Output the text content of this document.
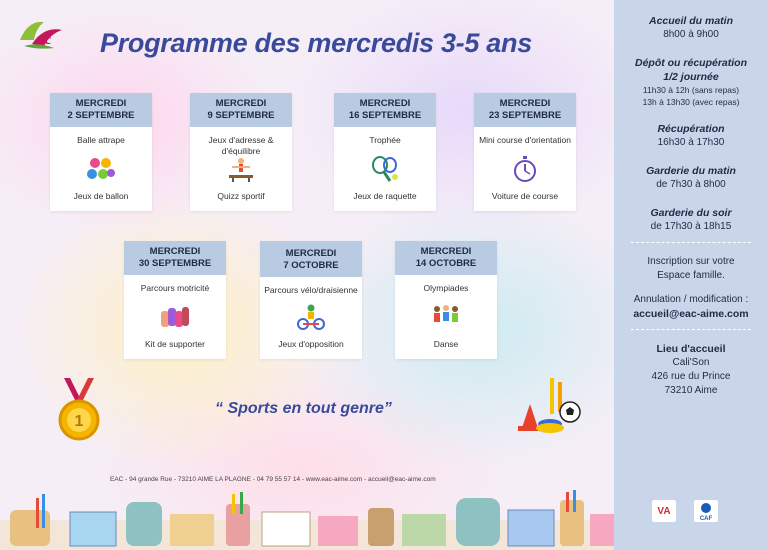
ac Programme des mercredis 3-5 ans
MERCREDI
2 SEPTEMBRE
Balle attrape
Jeux de ballon
MERCREDI
9 SEPTEMBRE
Jeux d'adresse & d'équilibre
Quizz sportif
MERCREDI
16 SEPTEMBRE
Trophée
Jeux de raquette
MERCREDI
23 SEPTEMBRE
Mini course d'orientation
Voiture de course
MERCREDI
30 SEPTEMBRE
Parcours motricité
Kit de supporter
MERCREDI
7 OCTOBRE
Parcours vélo/draisienne
Jeux d'opposition
MERCREDI
14 OCTOBRE
Olympiades
Danse
1
“ Sports en tout genre”
EAC - 94 grande Rue - 73210 AIME LA PLAGNE - 04 79 55 57 14 - www.eac-aime.com - accueil@eac-aime.com
Accueil du matin
8h00 à 9h00
Dépôt ou récupération
1/2 journée
11h30 à 12h (sans repas)
13h à 13h30 (avec repas)
Récupération
16h30 à 17h30
Garderie du matin
de 7h30 à 8h00
Garderie du soir
de 17h30 à 18h15
Inscription sur votre
Espace famille.
Annulation / modification :
accueil@eac-aime.com
Lieu d'accueil
Cali'Son
426 rue du Prince
73210 Aime
VA
CAF
